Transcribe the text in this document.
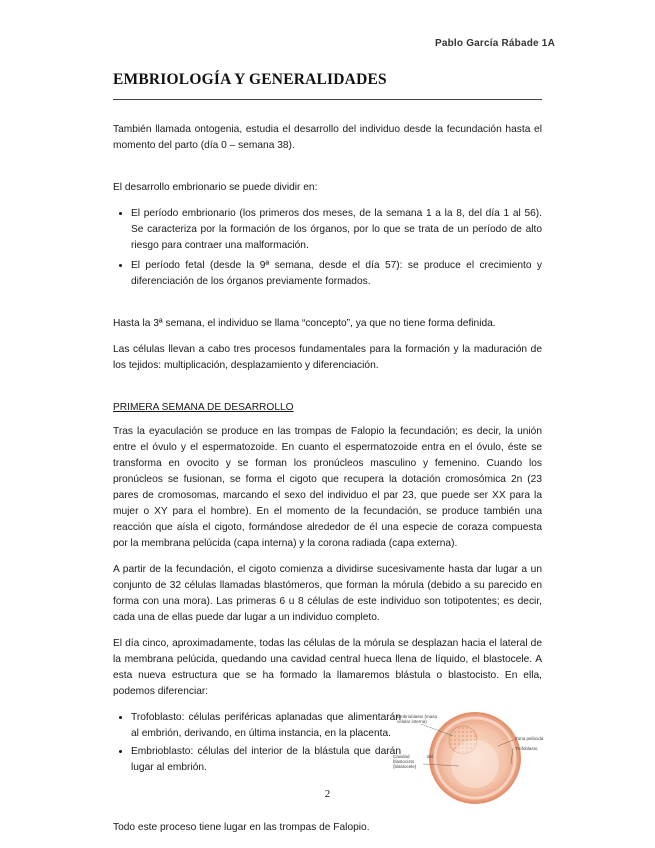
Pablo García Rábade 1A
EMBRIOLOGÍA Y GENERALIDADES

También llamada ontogenia, estudia el desarrollo del individuo desde la fecundación hasta el momento del parto (día 0 – semana 38).

El desarrollo embrionario se puede dividir en:

• El período embrionario (los primeros dos meses, de la semana 1 a la 8, del día 1 al 56). Se caracteriza por la formación de los órganos, por lo que se trata de un período de alto riesgo para contraer una malformación.
• El período fetal (desde la 9ª semana, desde el día 57): se produce el crecimiento y diferenciación de los órganos previamente formados.

Hasta la 3ª semana, el individuo se llama “concepto”, ya que no tiene forma definida.

Las células llevan a cabo tres procesos fundamentales para la formación y la maduración de los tejidos: multiplicación, desplazamiento y diferenciación.

PRIMERA SEMANA DE DESARROLLO

Tras la eyaculación se produce en las trompas de Falopio la fecundación; es decir, la unión entre el óvulo y el espermatozoide. En cuanto el espermatozoide entra en el óvulo, éste se transforma en ovocito y se forman los pronúcleos masculino y femenino. Cuando los pronúcleos se fusionan, se forma el cigoto que recupera la dotación cromosómica 2n (23 pares de cromosomas, marcando el sexo del individuo el par 23, que puede ser XX para la mujer o XY para el hombre). En el momento de la fecundación, se produce también una reacción que aísla el cigoto, formándose alrededor de él una especie de coraza compuesta por la membrana pelúcida (capa interna) y la corona radiada (capa externa).

A partir de la fecundación, el cigoto comienza a dividirse sucesivamente hasta dar lugar a un conjunto de 32 células llamadas blastómeros, que forman la mórula (debido a su parecido en forma con una mora). Las primeras 6 u 8 células de este individuo son totipotentes; es decir, cada una de ellas puede dar lugar a un individuo completo.

El día cinco, aproximadamente, todas las células de la mórula se desplazan hacia el lateral de la membrana pelúcida, quedando una cavidad central hueca llena de líquido, el blastocele. A esta nueva estructura que se ha formado la llamaremos blástula o blastocisto. En ella, podemos diferenciar:

• Trofoblasto: células periféricas aplanadas que alimentarán al embrión, derivando, en última instancia, en la placenta.
• Embrioblasto: células del interior de la blástula que darán lugar al embrión.
Embrioblasto (masa celular interna)
Zona pelúcida
Trofoblasto
Cavidad del blastocisto (blastocele)

Todo este proceso tiene lugar en las trompas de Falopio.

2
